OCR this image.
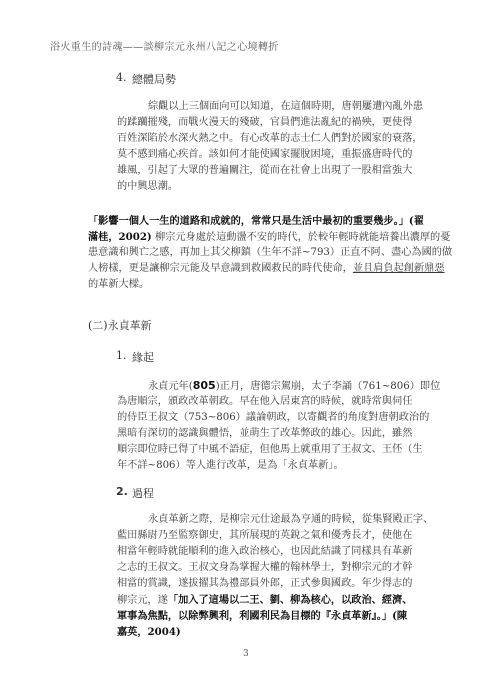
浴火重生的詩魂——談柳宗元永州八記之心境轉折
4. 總體局勢
綜觀以上三個面向可以知道，在這個時期，唐朝屢遭內亂外患
的蹂躪摧殘，而戰火漫天的殘破，官員們進法亂紀的禍殃，更使得
百姓深陷於水深火熱之中。有心改革的志士仁人們對於國家的衰落，
莫不感到痛心疾首。該如何才能使國家擺脫困境，重振盛唐時代的
雄風，引起了大眾的普遍關注，從而在社會上出現了一股相當強大
的中興思潮。
「影響一個人一生的道路和成就的，常常只是生活中最初的重要幾步。」(翟
滿桂，2002) 柳宗元身處於這動盪不安的時代，於較年輕時就能培養出濃厚的憂
患意識和興亡之感，再加上其父柳鎮（生年不詳~793）正直不阿、盡心為國的做
人榜樣，更是讓柳宗元能及早意識到救國救民的時代使命，並且肩負起創新鼎惡
的革新大樑。
(二)永貞革新
1. 緣起
永貞元年(805)正月，唐德宗駕崩，太子李誦（761~806）即位
為唐順宗，頒政改革朝政。早在他入居東宮的時候，就時常與伺任
的侍臣王叔文（753~806）議論朝政，以寄觀者的角度對唐朝政治的
黑暗有深切的認識與體悟，並萌生了改革弊政的雄心。因此，雖然
順宗即位時已得了中風不語症，但他馬上就重用了王叔文、王伾（生
年不詳~806）等人進行改革，是為「永貞革新」。
2. 過程
永貞革新之際，是柳宗元仕途最為亨通的時候，從集賢殿正字、
藍田縣尉乃至監察御史，其所展現的英銳之氣和優秀長才，使他在
相當年輕時就能順利的進入政治核心，也因此結識了同樣具有革新
之志的王叔文。王叔文身為掌握大權的翰林學士，對柳宗元的才幹
相當的賞識，遂拔擢其為禮部員外郎，正式參與國政。年少得志的
柳宗元，遂「加入了這場以二王、劉、柳為核心，以政治、經濟、
軍事為焦點，以除弊興利，利國利民為目標的『永貞革新』。」(陳
嘉英，2004)
3
